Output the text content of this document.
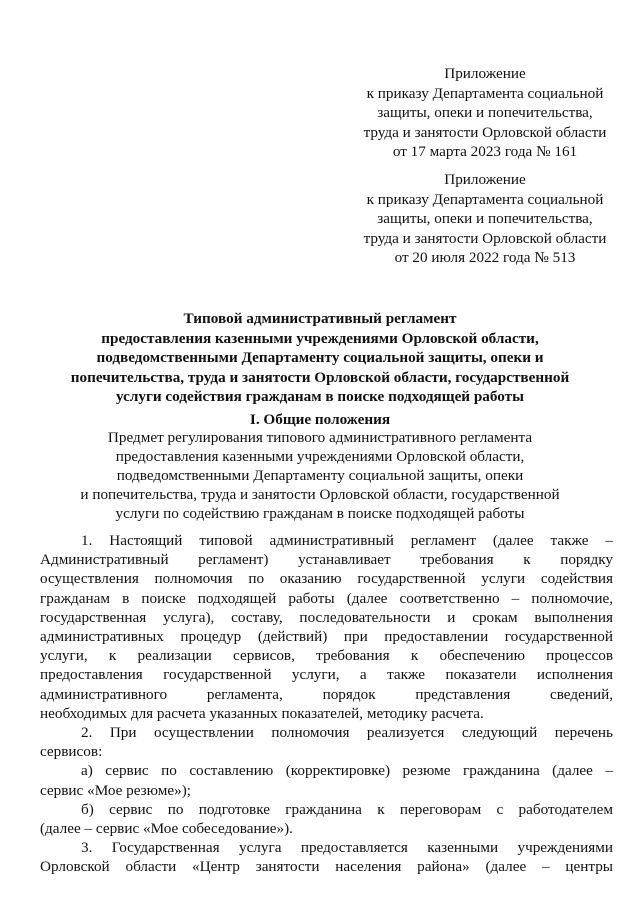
Приложение
к приказу Департамента социальной
защиты, опеки и попечительства,
труда и занятости Орловской области
от 17 марта 2023 года № 161
Приложение
к приказу Департамента социальной
защиты, опеки и попечительства,
труда и занятости Орловской области
от 20 июля 2022 года № 513
Типовой административный регламент
предоставления казенными учреждениями Орловской области,
подведомственными Департаменту социальной защиты, опеки и
попечительства, труда и занятости Орловской области, государственной
услуги содействия гражданам в поиске подходящей работы
I. Общие положения
Предмет регулирования типового административного регламента
предоставления казенными учреждениями Орловской области,
подведомственными Департаменту социальной защиты, опеки
и попечительства, труда и занятости Орловской области, государственной
услуги по содействию гражданам в поиске подходящей работы
1. Настоящий типовой административный регламент (далее также –
Административный регламент) устанавливает требования к порядку
осуществления полномочия по оказанию государственной услуги содействия
гражданам в поиске подходящей работы (далее соответственно – полномочие,
государственная услуга), составу, последовательности и срокам выполнения
административных процедур (действий) при предоставлении государственной
услуги, к реализации сервисов, требования к обеспечению процессов
предоставления государственной услуги, а также показатели исполнения
административного регламента, порядок представления сведений,
необходимых для расчета указанных показателей, методику расчета.
2. При осуществлении полномочия реализуется следующий перечень
сервисов:
а) сервис по составлению (корректировке) резюме гражданина (далее –
сервис «Мое резюме»);
б) сервис по подготовке гражданина к переговорам с работодателем
(далее – сервис «Мое собеседование»).
3. Государственная услуга предоставляется казенными учреждениями
Орловской области «Центр занятости населения района» (далее – центры
